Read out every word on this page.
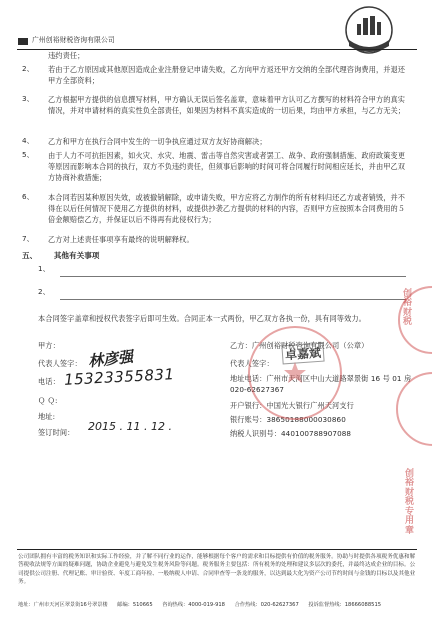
广州创裕财税咨询有限公司	CY
违约责任；
2、 若由于乙方原因或其他原因造成企业注册登记申请失败，乙方向甲方返还甲方交纳的全部代理咨询费用，并退还甲方全部资料；
3、 乙方根据甲方提供的信息撰写材料，甲方确认无误后签名盖章，意味着甲方认可乙方撰写的材料符合甲方的真实情况，并对申请材料的真实性负全部责任，如果因为材料不真实造成的一切后果，均由甲方承担，与乙方无关；
4、 乙方和甲方在执行合同中发生的一切争执应通过双方友好协商解决；
5、 由于人力不可抗拒因素，如火灾、水灾、地震、雷击等自然灾害或者罢工、战争、政府强制措施、政府政策变更等原因而影响本合同的执行，双方不负违约责任，但须事后影响的时间可将合同履行时间相应延长，并由甲乙双方协商补救措施；
6、 本合同若因某种原因失效，或被撤销解除，或申请失败，甲方应将乙方制作的所有材料归还乙方或者销毁，并不得在以后任何情况下使用乙方提供的材料，或提供抄袭乙方提供的材料的内容，否则甲方应按照本合同费用的５倍金额赔偿乙方，并保证以后不得再有此侵权行为；
7、 乙方对上述责任事项享有最终的说明解释权。
五、 其他有关事项
1、
2、
本合同签字盖章和授权代表签字后即可生效。合同正本一式两份，甲乙双方各执一份，具有同等效力。
甲方：
代表人签字： 林彦强
电话： 15323355831
Ｑ Ｑ:
地址:
签订时间： 2015 . 11 . 12 .
乙方：广州创裕财税咨询有限公司（公章）
代表人签字：
卓嘉斌
地址电话：广州市天河区中山大道路翠景街 16 号 01 房 020-62627367
开户银行：中国光大银行广州天河支行
银行账号：38650188000030860
纳税人识别号：440100788907088
创裕财税
创裕财税专用章
公司团队拥有丰富的税务知识和实际工作经验，并了解不同行业的运作，能够根据每个客户的需求和目标提供有价值的税务服务。协助与时提供各项税务优惠和解答税收法规等方面的疑难问题，协助企业避免与避免发生税务风险等问题。税务服务主要包括：所有税务的处理和建议多层次的委托，并最终达成企业的目标。公司提供公司注册、代理记账、审计验资、年度工商年检、一般纳税人申请、合同审查等一条龙的服务，以达到最大化为资产公司节约时间与金钱的目标以及其他业务。
地址：广州市天河区翠景街16号翠景楼 邮编：510665 咨询热线：4000-019-918 合作热线：020-62627367 投诉监督热线：18666088515
